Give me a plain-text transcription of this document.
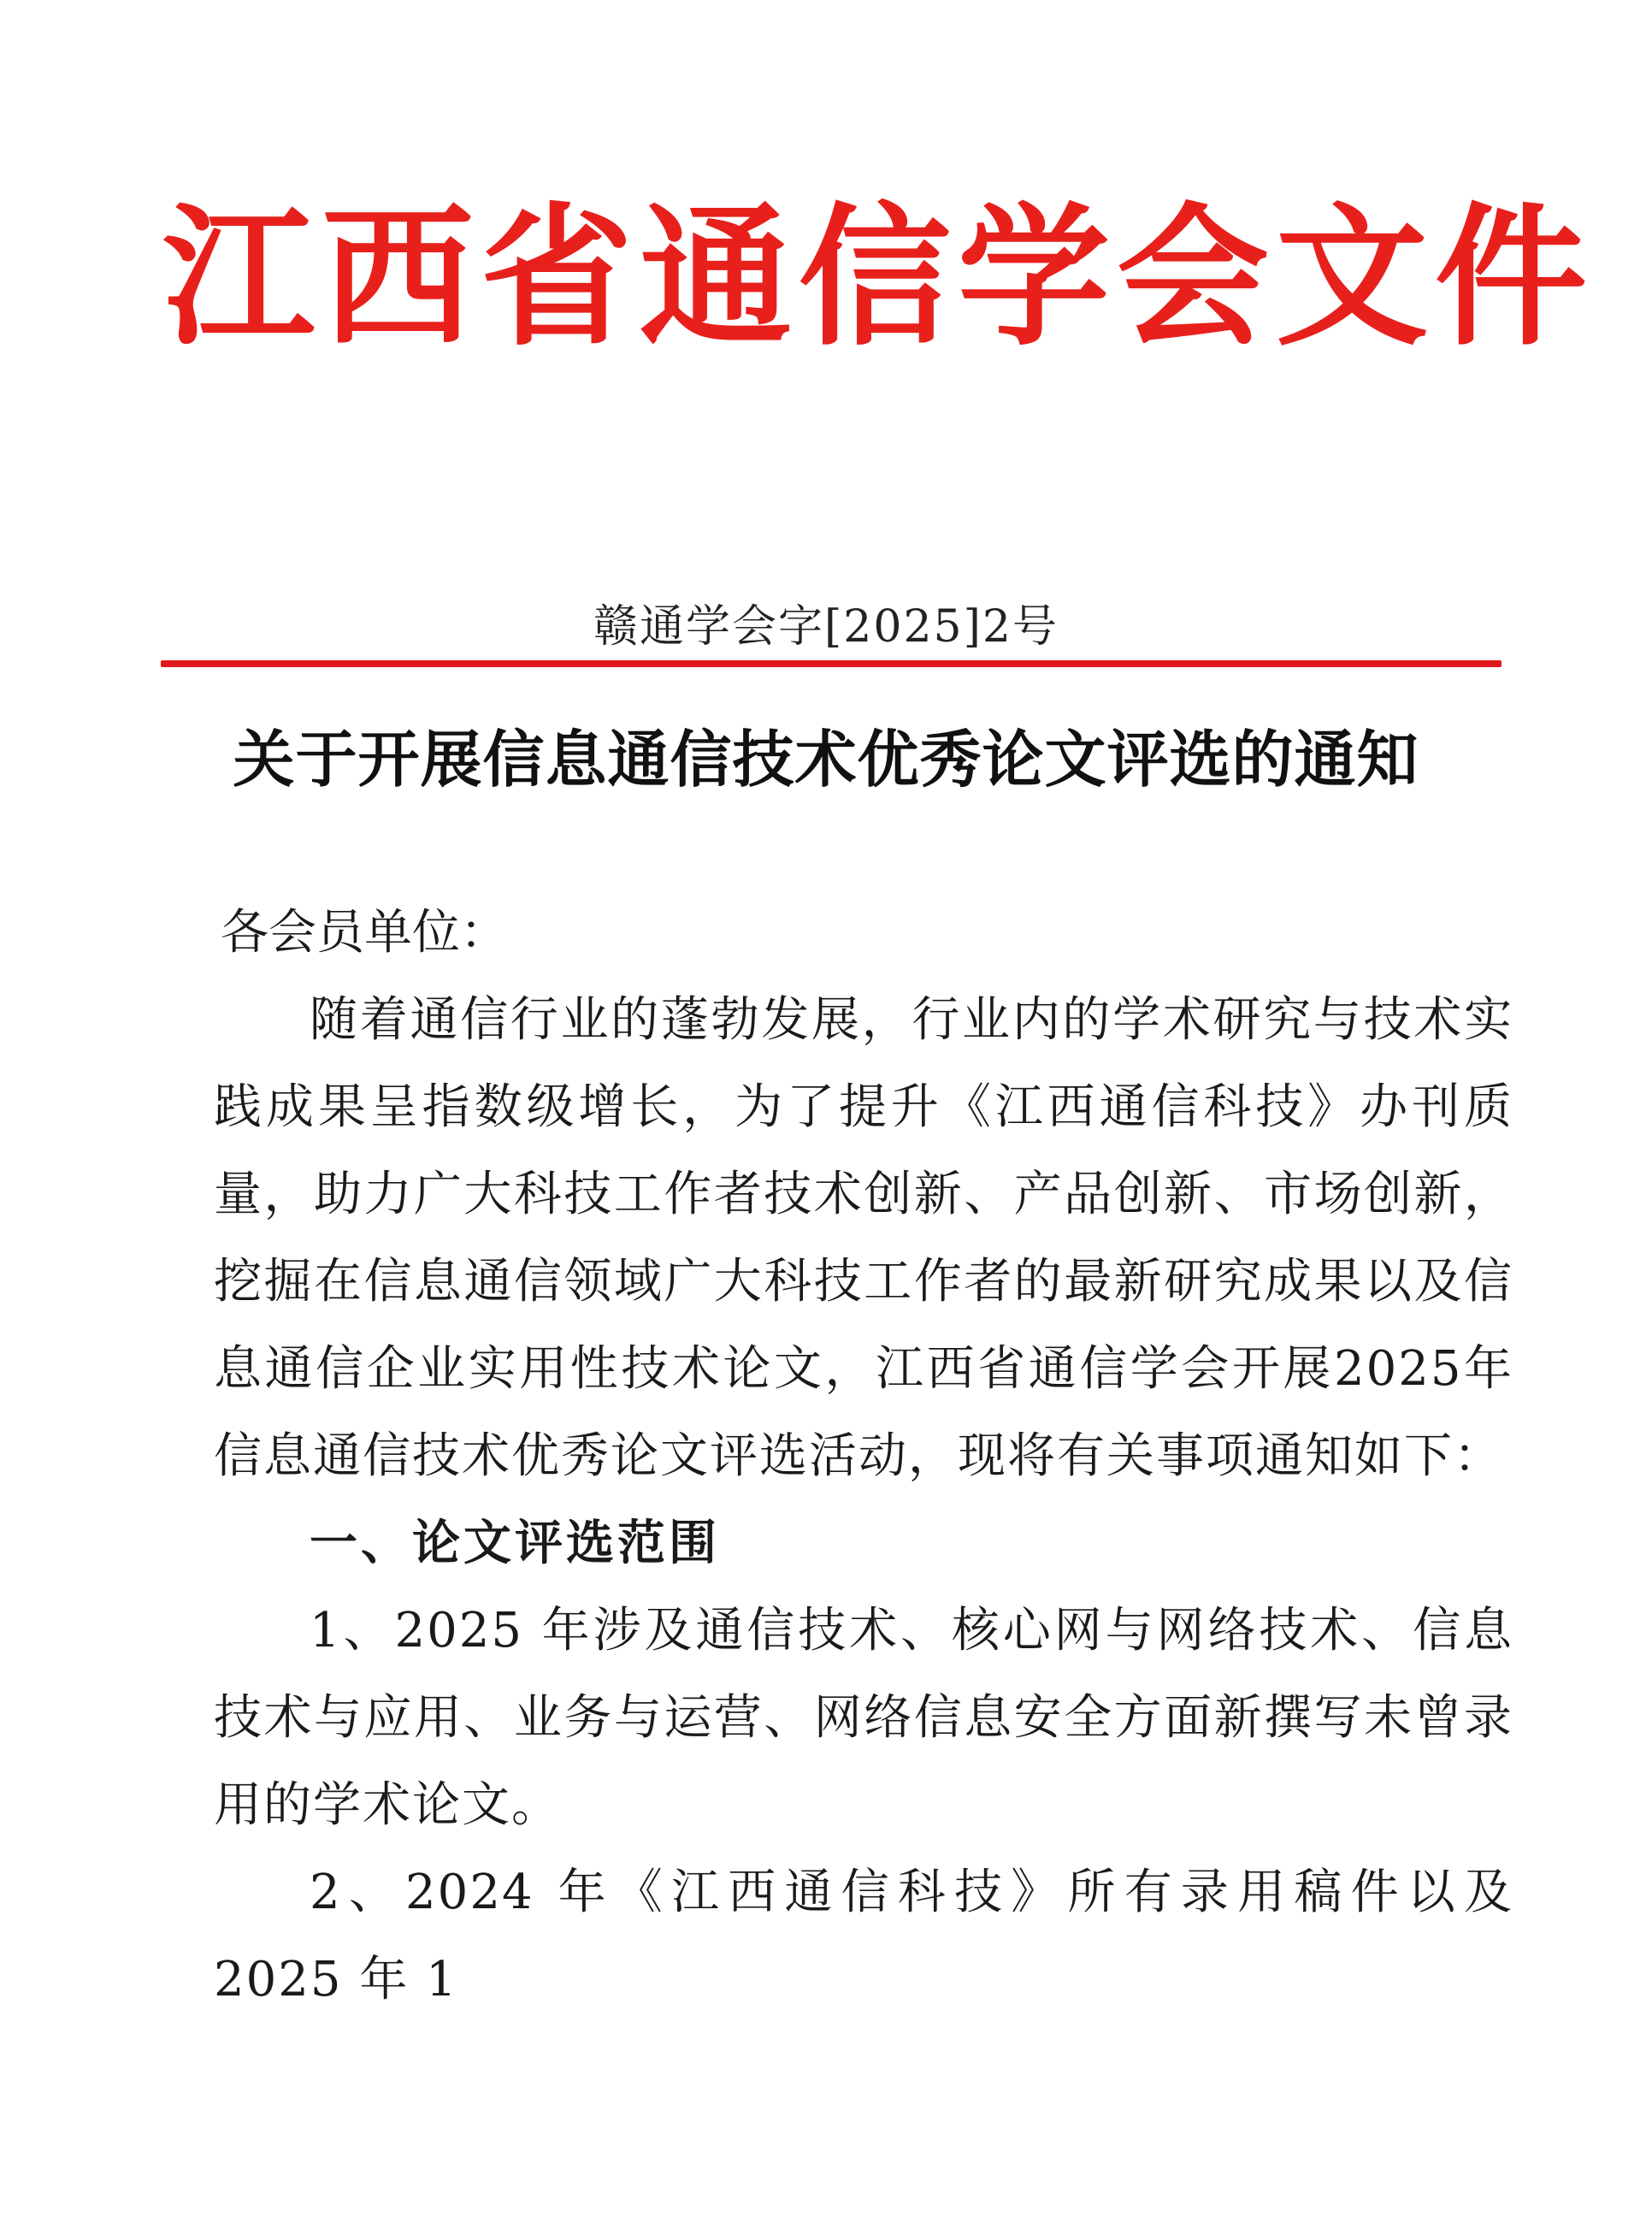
江西省通信学会文件
赣通学会字[2025]2号
关于开展信息通信技术优秀论文评选的通知
各会员单位：
随着通信行业的蓬勃发展，行业内的学术研究与技术实践成果呈指数级增长，为了提升《江西通信科技》办刊质量，助力广大科技工作者技术创新、产品创新、市场创新，挖掘在信息通信领域广大科技工作者的最新研究成果以及信息通信企业实用性技术论文，江西省通信学会开展2025年信息通信技术优秀论文评选活动，现将有关事项通知如下：
一、论文评选范围
1、2025 年涉及通信技术、核心网与网络技术、信息技术与应用、业务与运营、网络信息安全方面新撰写未曾录用的学术论文。
2、2024 年《江西通信科技》所有录用稿件以及 2025 年 1
